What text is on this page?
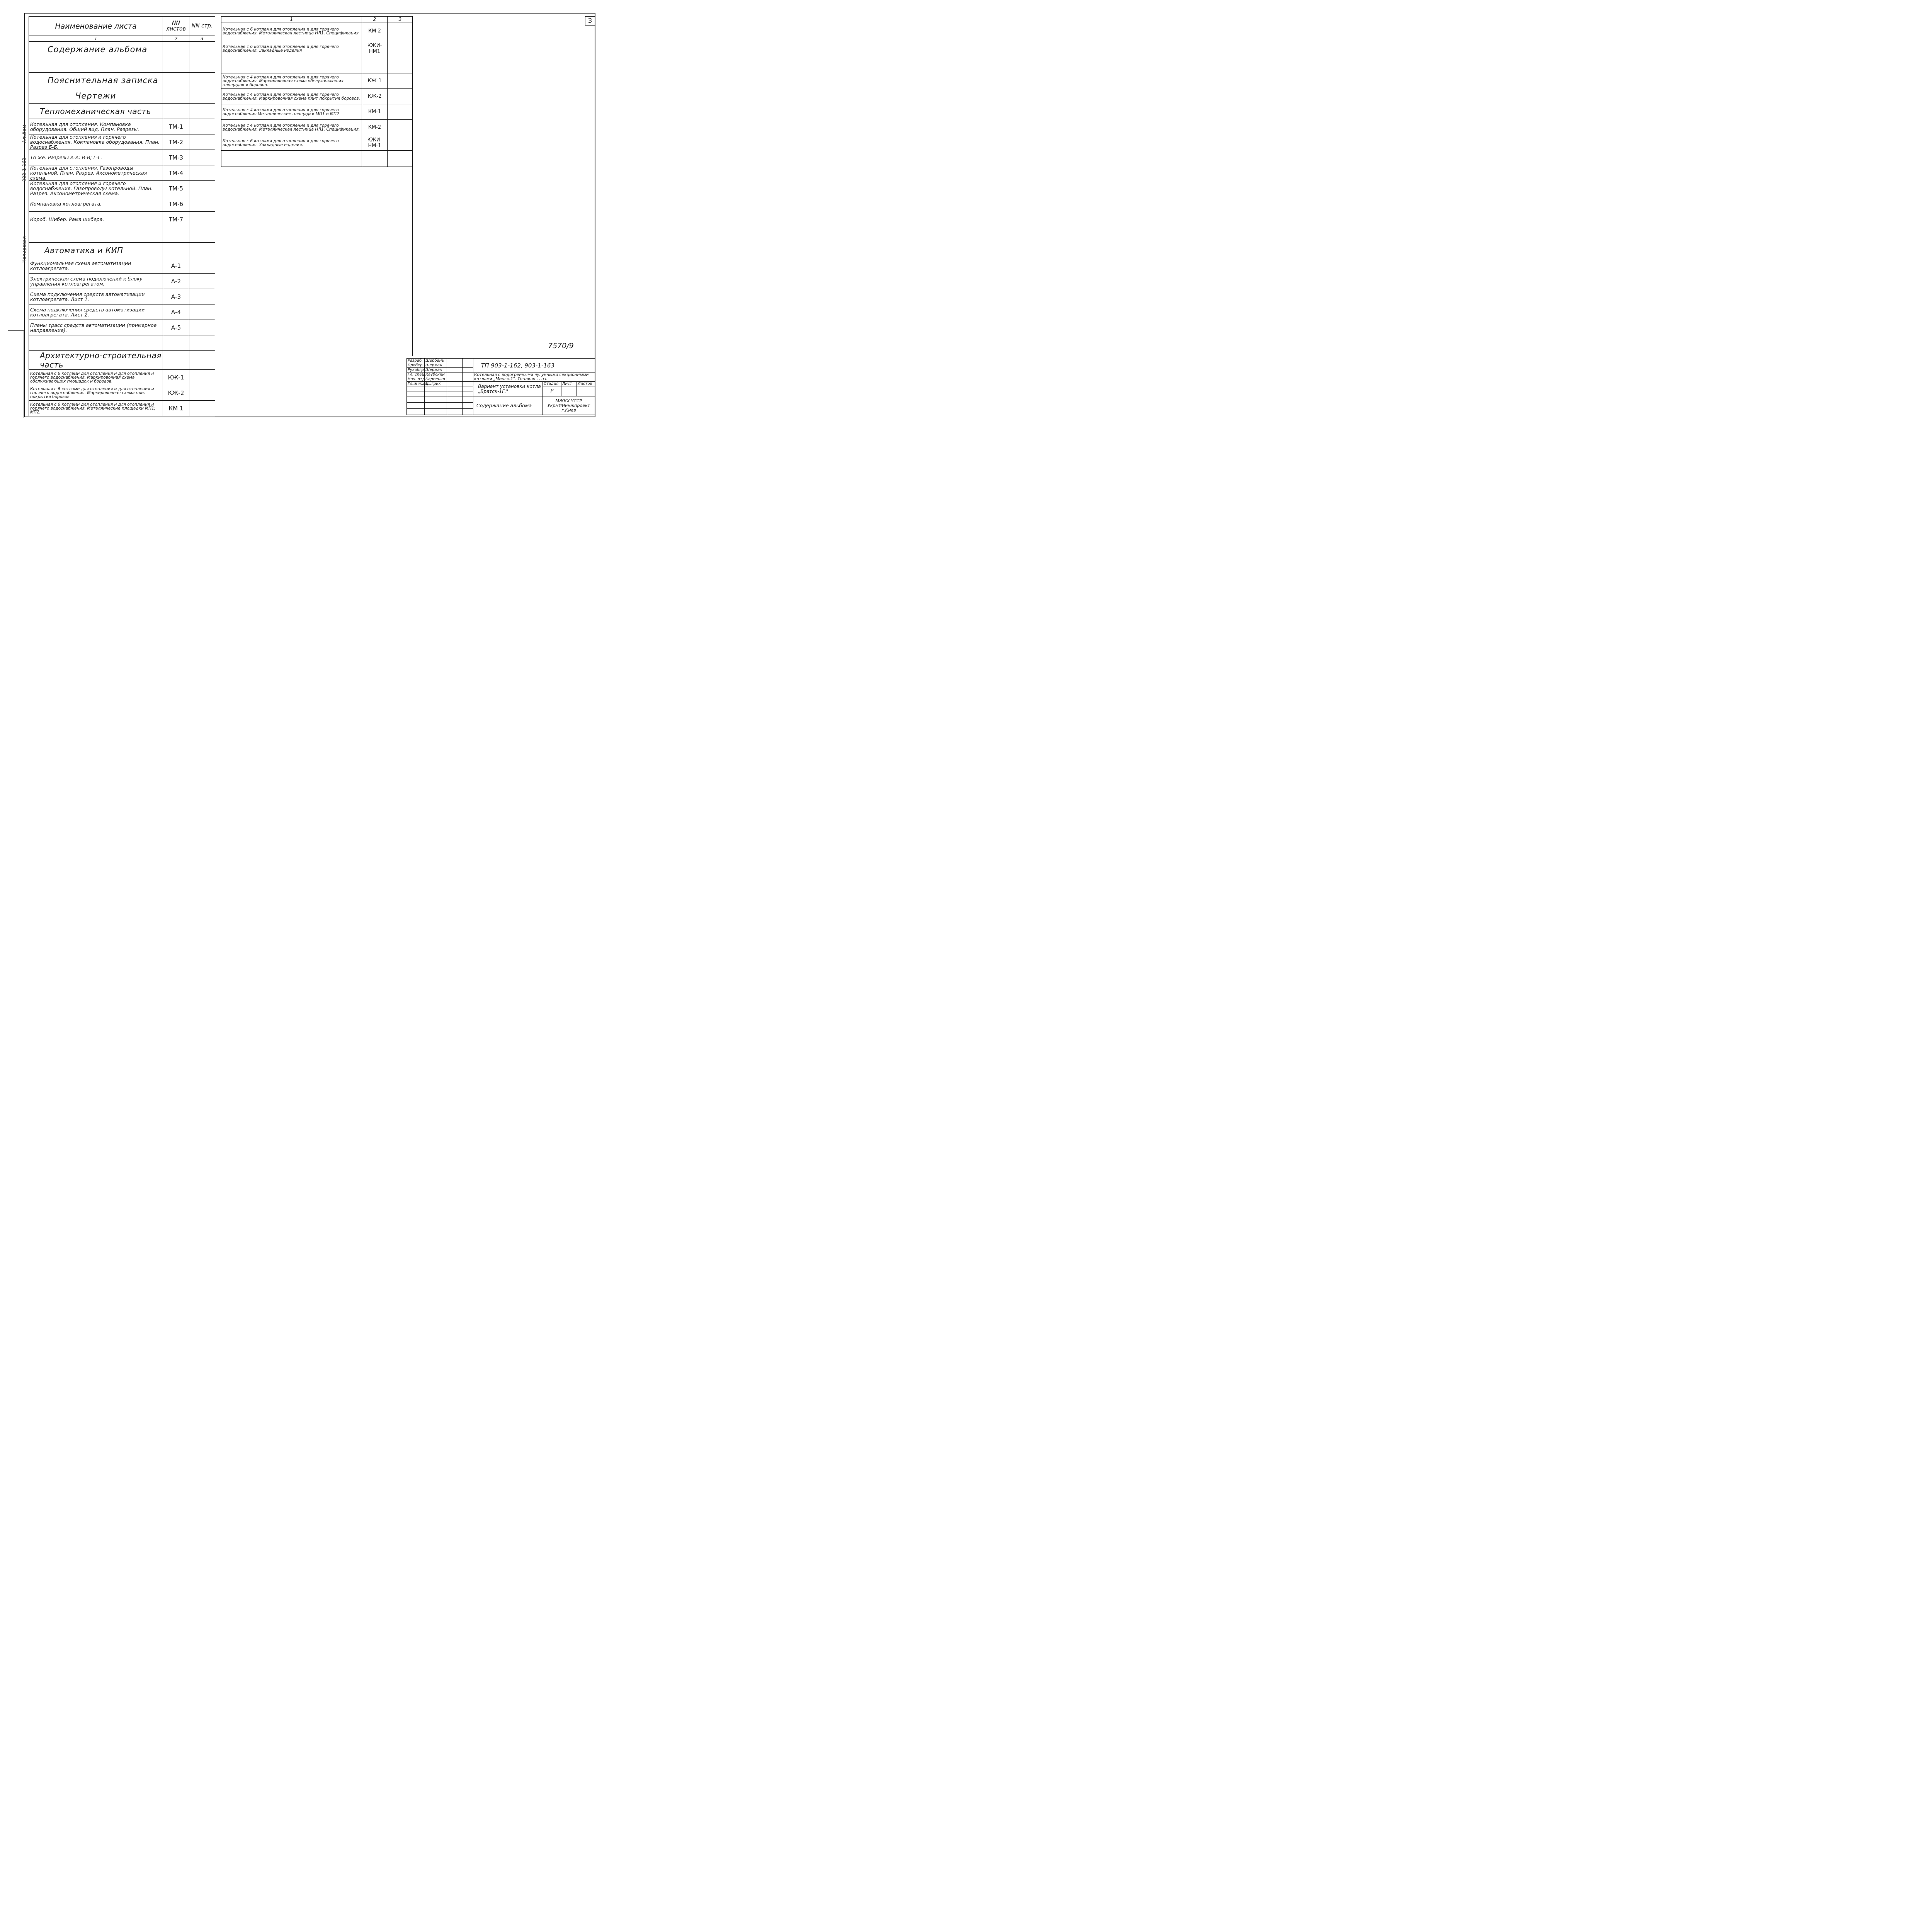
3
903-1-163
Альбом
Копировал
Наименование листа	NN листов	NN стр.
1	2	3
Содержание альбома		

Пояснительная записка		
Чертежи		
Тепломеханическая часть		
Котельная для отопления. Компановка оборудования. Общий вид. План. Разрезы.	ТМ-1	
Котельная для отопления и горячего водоснабжения. Компановка оборудования. План. Разрез Б-Б.	ТМ-2	
То же. Разрезы А-А; В-В; Г-Г.	ТМ-3	
Котельная для отопления. Газопроводы котельной. План. Разрез. Аксонометрическая схема.	ТМ-4	
Котельная для отопления и горячего водоснабжения. Газопроводы котельной. План. Разрез. Аксонометрическая схема.	ТМ-5	
Компановка котлоагрегата.	ТМ-6	
Короб. Шибер. Рама шибера.	ТМ-7	

Автоматика и КИП		
Функциональная схема автоматизации котлоагрегата.	А-1	
Электрическая схема подключений к блоку управления котлоагрегатом.	А-2	
Схема подключения средств автоматизации котлоагрегата. Лист 1.	А-3	
Схема подключения средств автоматизации котлоагрегата. Лист 2.	А-4	
Планы трасс средств автоматизации (примерное направление).	А-5	

Архитектурно-строительная часть		
Котельная с 6 котлами для отопления и для отопления и горячего водоснабжения. Маркировочная схема обслуживающих площадок и боровов.	КЖ-1	
Котельная с 6 котлами для отопления и для отопления и горячего водоснабжения. Маркировочная схема плит покрытия боровов.	КЖ-2	
Котельная с 6 котлами для отопления и для отопления и горячего водоснабжения. Металлические площадки МП1; МП2.	КМ 1	
1	2	3
Котельная с 6 котлами для отопления и для горячего водоснабжения. Металлическая лестница НЛ1. Спецификация	КМ 2	
Котельная с 6 котлами для отопления и для горячего водоснабжения. Закладные изделия	КЖИ-НМ1	

Котельная с 4 котлами для отопления и для горячего водоснабжения. Маркировочная схема обслуживающих площадок и боровов.	КЖ-1	
Котельная с 4 котлами для отопления и для горячего водоснабжения. Маркировочная схема плит покрытия боровов.	КЖ-2	
Котельная с 4 котлами для отопления и для горячего водоснабжения Металлические площадки МП1 и МП2	КМ-1	
Котельная с 4 котлами для отопления и для горячего водоснабжения. Металлическая лестница НЛ1. Спецификация.	КМ-2	
Котельная с 6 котлами для отопления и для горячего водоснабжения. Закладные изделия.	КЖИ-НМ-1	

7570/9
Разраб.	Щербань			ТП 903-1-162, 903-1-163			
Пробер.	Шерман						
Рукобгр.	Шерман						
Гл. спец.	Каубский			Котельная с водогрейными чугунными секционными котлами „Минск-1". Топливо - газ.			
Нач. отд.	Карпенко						
Гл.инж.пр.	Цыгрик			Вариант установки котла „Братск-1Г."	Стадия	Лист	Листов
					Р		

				Содержание альбома	МЖКХ УССР УкрНИИинжпроект г.Киев		
